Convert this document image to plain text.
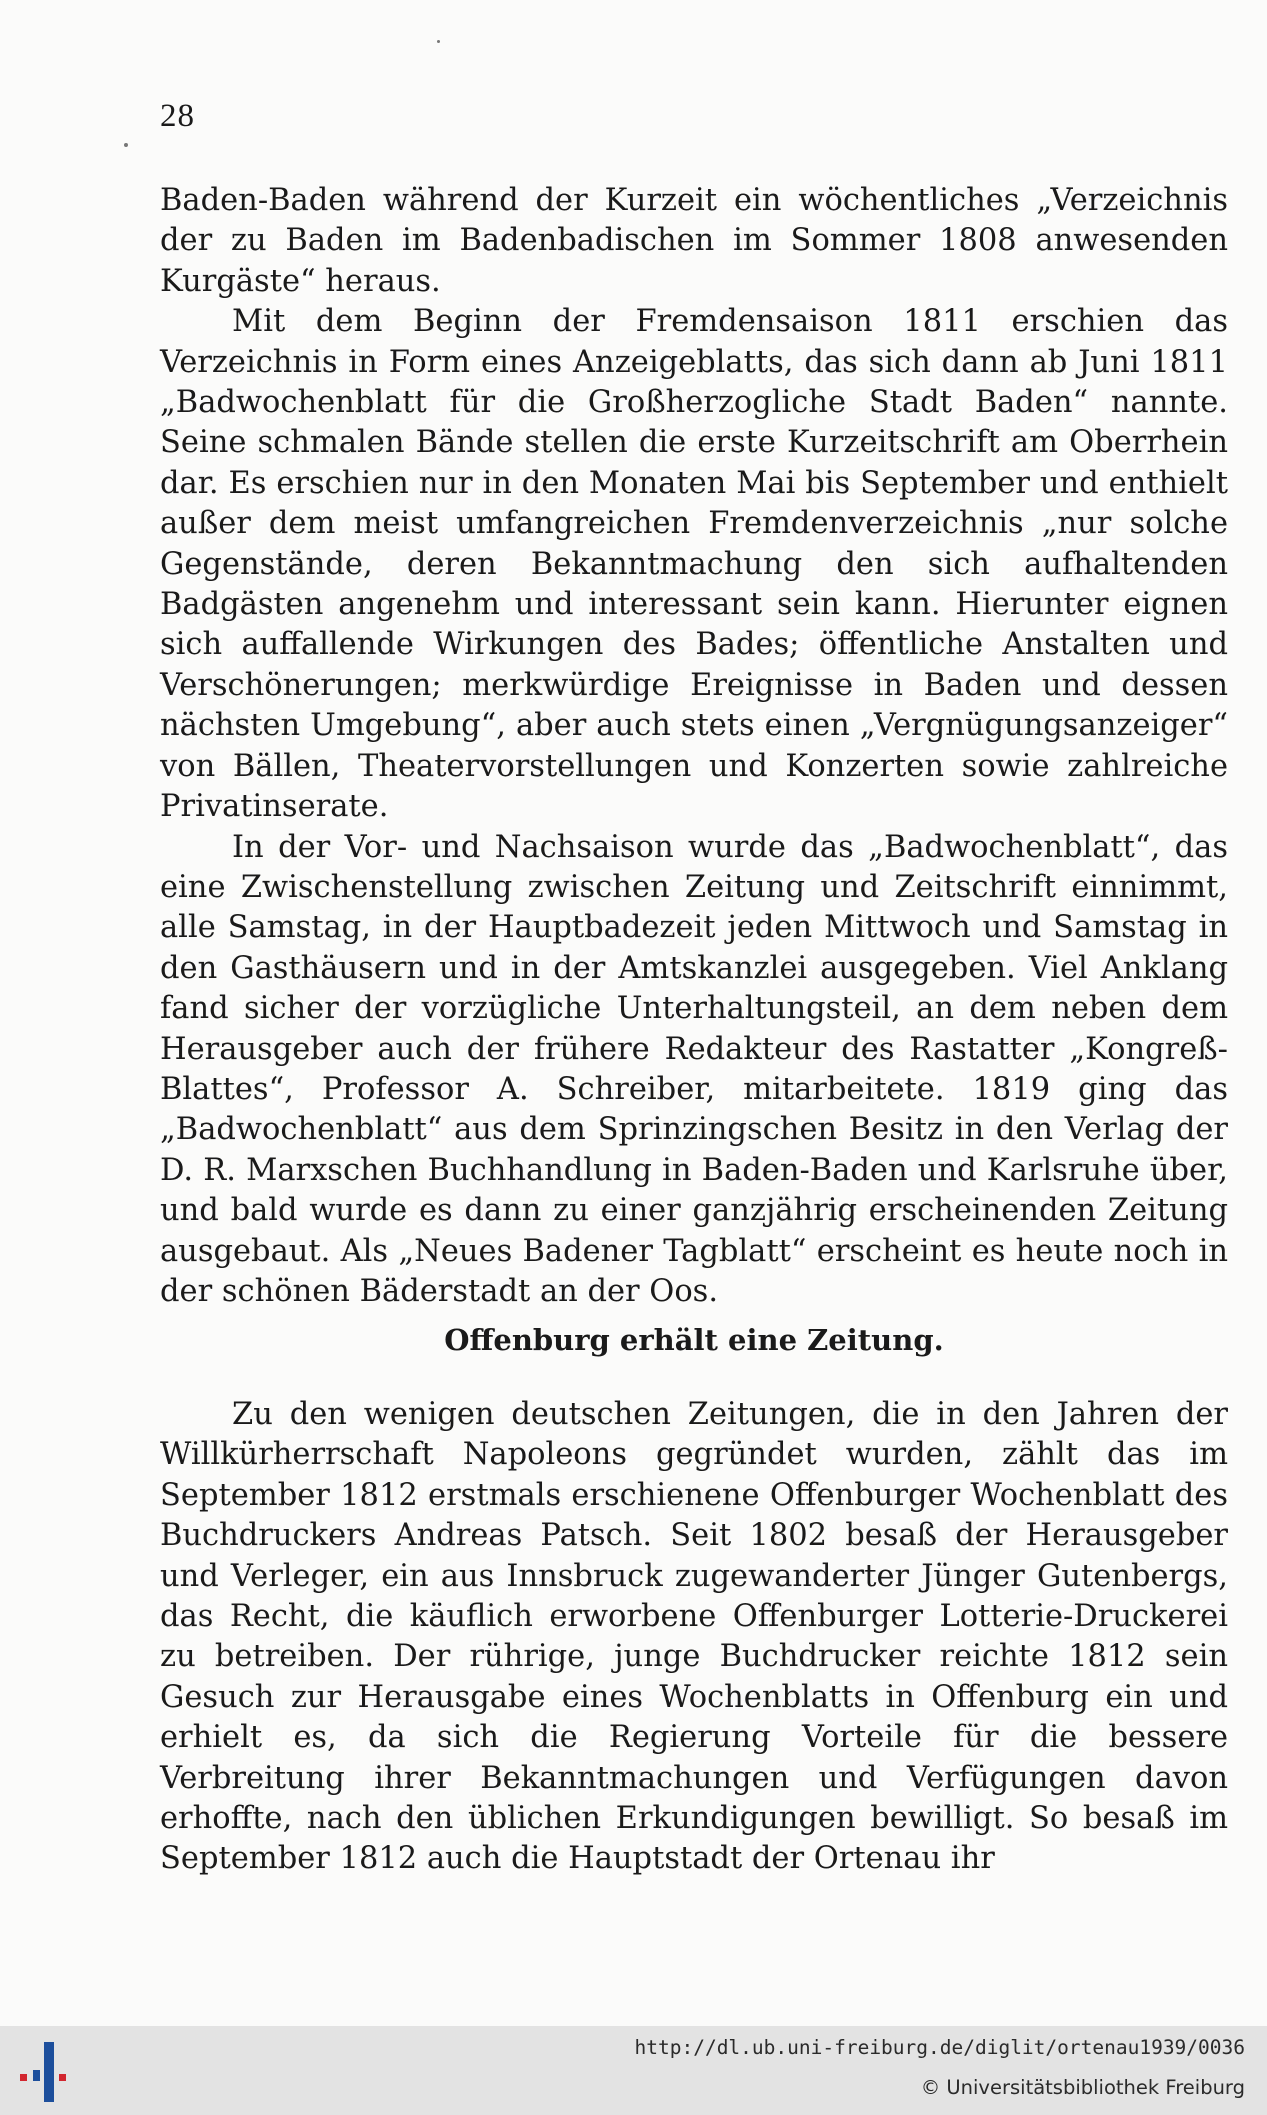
28

Baden-Baden während der Kurzeit ein wöchentliches „Verzeichnis der zu Baden im Badenbadischen im Sommer 1808 anwesenden Kurgäste“ heraus.

Mit dem Beginn der Fremdensaison 1811 erschien das Verzeichnis in Form eines Anzeigeblatts, das sich dann ab Juni 1811 „Badwochenblatt für die Großherzogliche Stadt Baden“ nannte. Seine schmalen Bände stellen die erste Kurzeitschrift am Oberrhein dar. Es erschien nur in den Monaten Mai bis September und enthielt außer dem meist umfangreichen Fremdenverzeichnis „nur solche Gegenstände, deren Bekanntmachung den sich aufhaltenden Badgästen angenehm und interessant sein kann. Hierunter eignen sich auffallende Wirkungen des Bades; öffentliche Anstalten und Verschönerungen; merkwürdige Ereignisse in Baden und dessen nächsten Umgebung“, aber auch stets einen „Vergnügungsanzeiger“ von Bällen, Theatervorstellungen und Konzerten sowie zahlreiche Privatinserate.

In der Vor- und Nachsaison wurde das „Badwochenblatt“, das eine Zwischenstellung zwischen Zeitung und Zeitschrift einnimmt, alle Samstag, in der Hauptbadezeit jeden Mittwoch und Samstag in den Gasthäusern und in der Amtskanzlei ausgegeben. Viel Anklang fand sicher der vorzügliche Unterhaltungsteil, an dem neben dem Herausgeber auch der frühere Redakteur des Rastatter „Kongreß-Blattes“, Professor A. Schreiber, mitarbeitete. 1819 ging das „Badwochenblatt“ aus dem Sprinzingschen Besitz in den Verlag der D. R. Marxschen Buchhandlung in Baden-Baden und Karlsruhe über, und bald wurde es dann zu einer ganzjährig erscheinenden Zeitung ausgebaut. Als „Neues Badener Tagblatt“ erscheint es heute noch in der schönen Bäderstadt an der Oos.

Offenburg erhält eine Zeitung.

Zu den wenigen deutschen Zeitungen, die in den Jahren der Willkürherrschaft Napoleons gegründet wurden, zählt das im September 1812 erstmals erschienene Offenburger Wochenblatt des Buchdruckers Andreas Patsch. Seit 1802 besaß der Herausgeber und Verleger, ein aus Innsbruck zugewanderter Jünger Gutenbergs, das Recht, die käuflich erworbene Offenburger Lotterie-Druckerei zu betreiben. Der rührige, junge Buchdrucker reichte 1812 sein Gesuch zur Herausgabe eines Wochenblatts in Offenburg ein und erhielt es, da sich die Regierung Vorteile für die bessere Verbreitung ihrer Bekanntmachungen und Verfügungen davon erhoffte, nach den üblichen Erkundigungen bewilligt. So besaß im September 1812 auch die Hauptstadt der Ortenau ihr

http://dl.ub.uni-freiburg.de/diglit/ortenau1939/0036
© Universitätsbibliothek Freiburg
